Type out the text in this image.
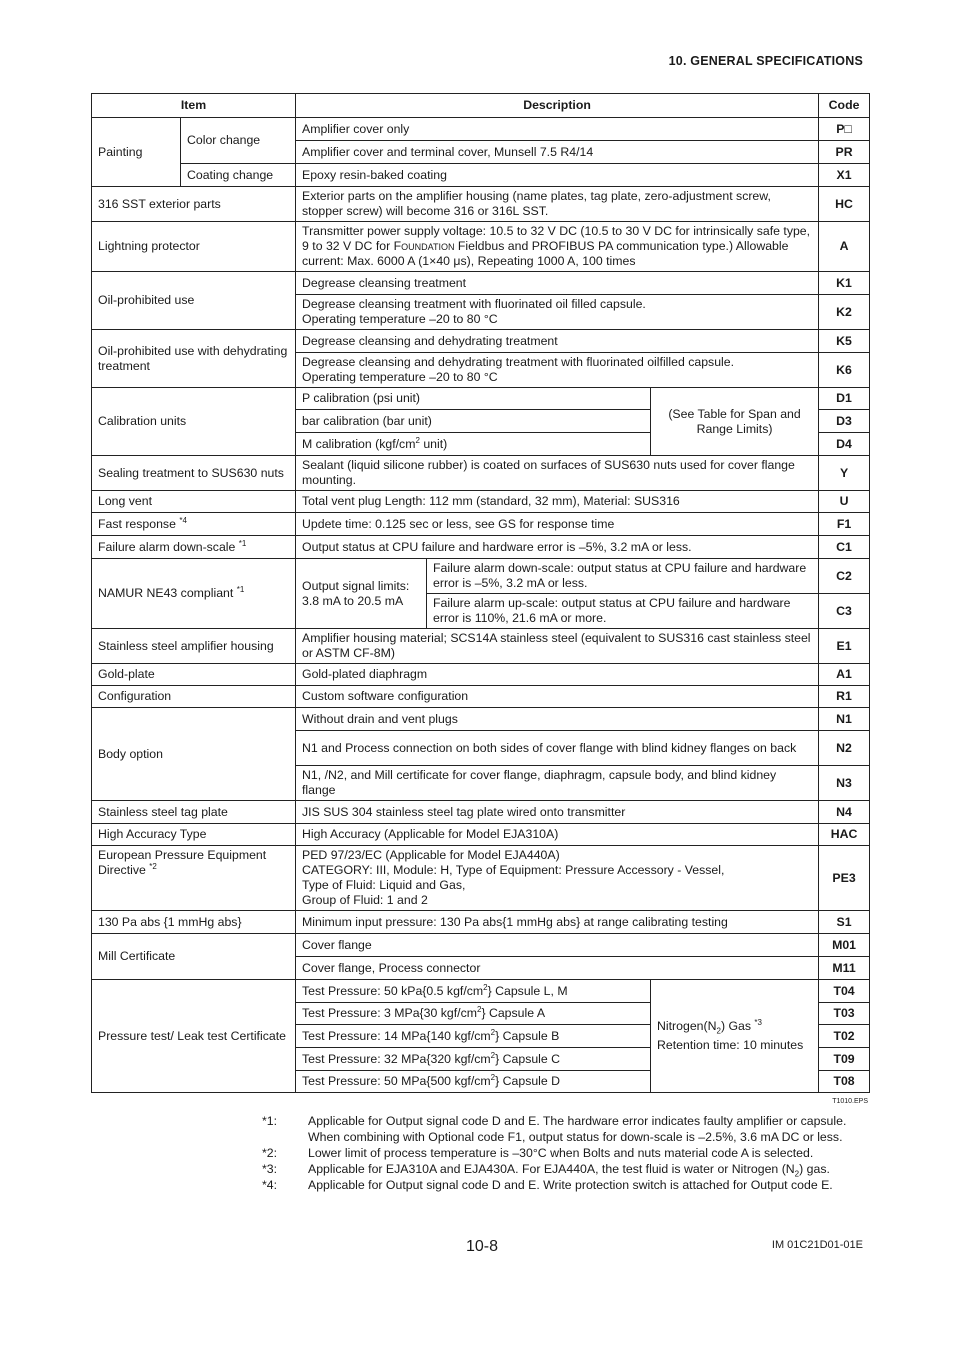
10. GENERAL SPECIFICATIONS
Item		Description			Code
Painting	Color change	Amplifier cover only			P□
		Amplifier cover and terminal cover, Munsell 7.5 R4/14			PR
	Coating change	Epoxy resin-baked coating			X1
316 SST exterior parts		Exterior parts on the amplifier housing (name plates, tag plate, zero-adjustment screw, stopper screw) will become 316 or 316L SST.			HC
Lightning protector		Transmitter power supply voltage: 10.5 to 32 V DC (10.5 to 30 V DC for intrinsically safe type, 9 to 32 V DC for Foundation Fieldbus and PROFIBUS PA communication type.) Allowable current: Max. 6000 A (1×40 μs), Repeating 1000 A, 100 times			A
Oil-prohibited use		Degrease cleansing treatment			K1

		Degrease cleansing treatment with fluorinated oil filled capsule.
Operating temperature –20 to 80 °C			K2
Oil-prohibited use with dehydrating treatment		Degrease cleansing and dehydrating treatment			K5

		Degrease cleansing and dehydrating treatment with fluorinated oilfilled capsule.
Operating temperature –20 to 80 °C			K6
Calibration units		P calibration (psi unit)		(See Table for Span and Range Limits)	D1
		bar calibration (bar unit)			D3
		M calibration ($kgf/cm^2$ unit)			D4
Sealing treatment to SUS630 nuts		Sealant (liquid silicone rubber) is coated on surfaces of SUS630 nuts used for cover flange mounting.			Y
Long vent		Total vent plug Length: 112 mm (standard, 32 mm), Material: SUS316			U
Fast response $^{*4}$		Updete time: 0.125 sec or less, see GS for response time			F1
Failure alarm down-scale $^{*1}$		Output status at CPU failure and hardware error is –5%, 3.2 mA or less.			C1
NAMUR NE43 compliant $^{*1}$		Output signal limits: 3.8 mA to 20.5 mA	Failure alarm down-scale: output status at CPU failure and hardware error is –5%, 3.2 mA or less.		C2
			Failure alarm up-scale: output status at CPU failure and hardware error is 110%, 21.6 mA or more.		C3
Stainless steel amplifier housing		Amplifier housing material; SCS14A stainless steel (equivalent to SUS316 cast stainless steel or ASTM CF-8M)			E1
Gold-plate		Gold-plated diaphragm			A1
Configuration		Custom software configuration			R1
Body option		Without drain and vent plugs			N1
		N1 and Process connection on both sides of cover flange with blind kidney flanges on back			N2
		N1, /N2, and Mill certificate for cover flange, diaphragm, capsule body, and blind kidney flange			N3
Stainless steel tag plate		JIS SUS 304 stainless steel tag plate wired onto transmitter			N4
High Accuracy Type		High Accuracy (Applicable for Model EJA310A)			HAC
European Pressure Equipment Directive $^{*2}$		PED 97/23/EC (Applicable for Model EJA440A)
CATEGORY: III, Module: H, Type of Equipment: Pressure Accessory - Vessel,
Type of Fluid: Liquid and Gas,
Group of Fluid: 1 and 2			PE3
130 Pa abs {1 mmHg abs}		Minimum input pressure: 130 Pa abs{1 mmHg abs} at range calibrating testing			S1
Mill Certificate		Cover flange			M01
		Cover flange, Process connector			M11
Pressure test/ Leak test Certificate		Test Pressure: 50 kPa{0.5 kgf/$cm^2$} Capsule L, M		$Nitrogen(N_2)$ Gas $^{*3}$
Retention time: 10 minutes	T04
		Test Pressure: 3 MPa{30 kgf/$cm^2$} Capsule A			T03
		Test Pressure: 14 MPa{140 kgf/$cm^2$} Capsule B			T02
		Test Pressure: 32 MPa{320 kgf/$cm^2$} Capsule C			T09
		Test Pressure: 50 MPa{500 kgf/$cm^2$} Capsule D			T08
T1010.EPS
*1:	Applicable for Output signal code D and E. The hardware error indicates faulty amplifier or capsule. When combining with Optional code F1, output status for down-scale is –2.5%, 3.6 mA DC or less.
*2:	Lower limit of process temperature is –30°C when Bolts and nuts material code A is selected.
*3:	Applicable for EJA310A and EJA430A. For EJA440A, the test fluid is water or Nitrogen $(N_2)$ gas.
*4:	Applicable for Output signal code D and E. Write protection switch is attached for Output code E.
10-8	IM 01C21D01-01E
